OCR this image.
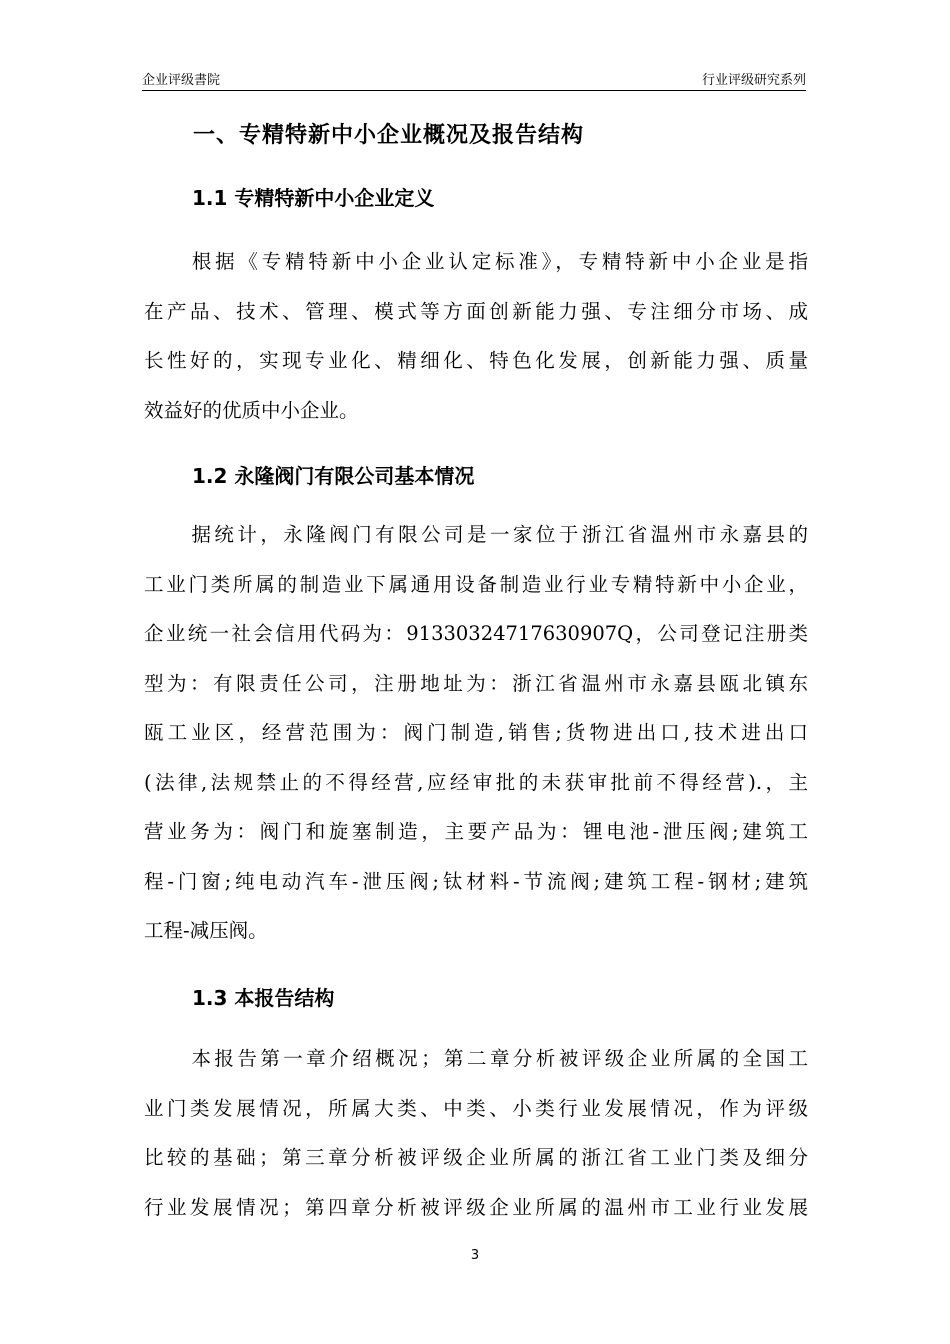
企业评级書院	行业评级研究系列
一、专精特新中小企业概况及报告结构
1.1 专精特新中小企业定义
根据《专精特新中小企业认定标准》，专精特新中小企业是指
在产品、技术、管理、模式等方面创新能力强、专注细分市场、成
长性好的，实现专业化、精细化、特色化发展，创新能力强、质量
效益好的优质中小企业。
1.2 永隆阀门有限公司基本情况
据统计，永隆阀门有限公司是一家位于浙江省温州市永嘉县的
工业门类所属的制造业下属通用设备制造业行业专精特新中小企业，
企业统一社会信用代码为：91330324717630907Q，公司登记注册类
型为：有限责任公司，注册地址为：浙江省温州市永嘉县瓯北镇东
瓯工业区，经营范围为：阀门制造,销售;货物进出口,技术进出口
(法律,法规禁止的不得经营,应经审批的未获审批前不得经营).，主
营业务为：阀门和旋塞制造，主要产品为：锂电池-泄压阀;建筑工
程-门窗;纯电动汽车-泄压阀;钛材料-节流阀;建筑工程-钢材;建筑
工程-减压阀。
1.3 本报告结构
本报告第一章介绍概况；第二章分析被评级企业所属的全国工
业门类发展情况，所属大类、中类、小类行业发展情况，作为评级
比较的基础；第三章分析被评级企业所属的浙江省工业门类及细分
行业发展情况；第四章分析被评级企业所属的温州市工业行业发展
3
